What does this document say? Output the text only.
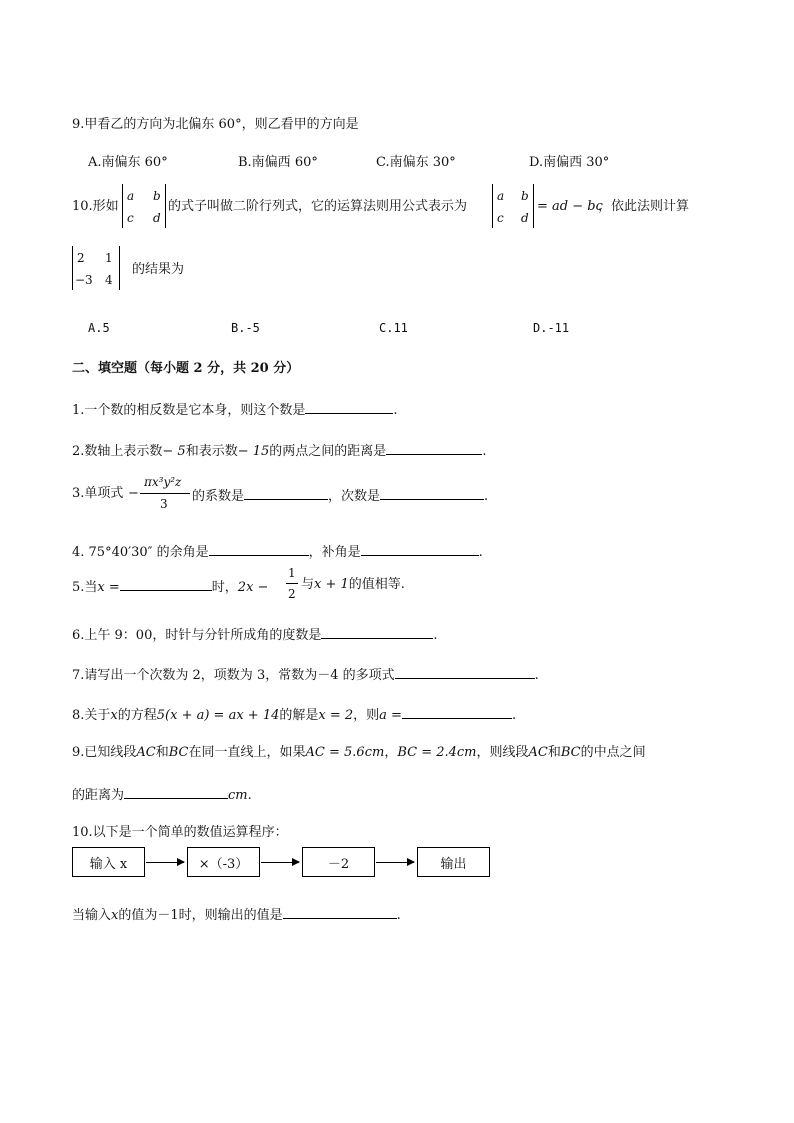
9.甲看乙的方向为北偏东 60°，则乙看甲的方向是
A.南偏东 60°	B.南偏西 60°	C.南偏东 30°	D.南偏西 30°
10.形如
a b
c d
的式子叫做二阶行列式，它的运算法则用公式表示为
a b
c d
= ad − bc
，依此法则计算
2 1
−3 4
的结果为
A.5	B.-5	C.11	D.-11
二、填空题（每小题 2 分，共 20 分）
1.一个数的相反数是它本身，则这个数是	.
2.数轴上表示数− 5和表示数− 15的两点之间的距离是	.
3.单项式 −
πx³y²z
3 的系数是	，次数是	.
4. 75°40′30″ 的余角是	，补角是	.
5.当x =	时，2x −
1
2
与x + 1的值相等.
6.上午 9：00，时针与分针所成角的度数是	.
7.请写出一个次数为 2，项数为 3，常数为－4 的多项式	.
8.关于x的方程5(x + a) = ax + 14的解是x = 2，则a =	.
9.已知线段AC和BC在同一直线上，如果AC = 5.6cm，BC = 2.4cm，则线段AC和BC的中点之间
的距离为	cm.
10.以下是一个简单的数值运算程序：
输入 x	×（-3）	－2	输出
当输入x的值为－1时，则输出的值是	.
